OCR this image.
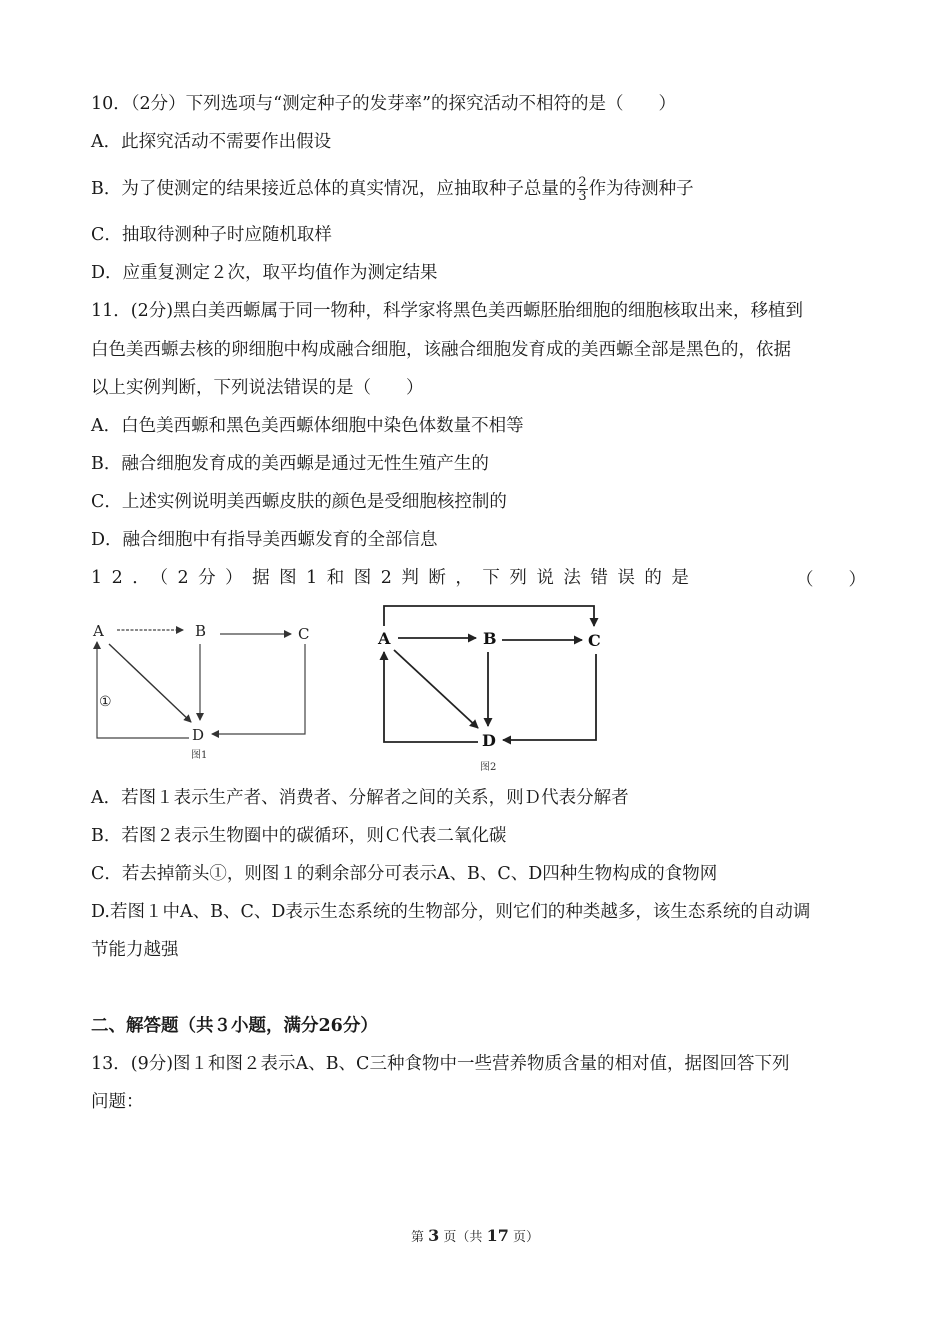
10．（2分）下列选项与“测定种子的发芽率”的探究活动不相符的是（　　）
A．此探究活动不需要作出假设
B．为了使测定的结果接近总体的真实情况，应抽取种子总量的 $\frac{2}{3}$ 作为待测种子
C．抽取待测种子时应随机取样
D．应重复测定２次，取平均值作为测定结果
11．(2分)黑白美西螈属于同一物种，科学家将黑色美西螈胚胎细胞的细胞核取出来，移植到
白色美西螈去核的卵细胞中构成融合细胞，该融合细胞发育成的美西螈全部是黑色的，依据
以上实例判断，下列说法错误的是（　　）
A．白色美西螈和黑色美西螈体细胞中染色体数量不相等
B．融合细胞发育成的美西螈是通过无性生殖产生的
C．上述实例说明美西螈皮肤的颜色是受细胞核控制的
D．融合细胞中有指导美西螈发育的全部信息
12．（2分）据图1和图2判断，下列说法错误的是	（　　）
A	B	C
D
①
图1
A	B	C
D
图2
A．若图１表示生产者、消费者、分解者之间的关系，则Ｄ代表分解者
B．若图２表示生物圈中的碳循环，则Ｃ代表二氧化碳
C．若去掉箭头①，则图１的剩余部分可表示A、B、C、D四种生物构成的食物网
D.若图１中A、B、C、D表示生态系统的生物部分，则它们的种类越多，该生态系统的自动调
节能力越强
二、解答题（共３小题，满分26分）
13．(9分)图１和图２表示A、B、C三种食物中一些营养物质含量的相对值，据图回答下列
问题：
第 3 页（共 17 页）
